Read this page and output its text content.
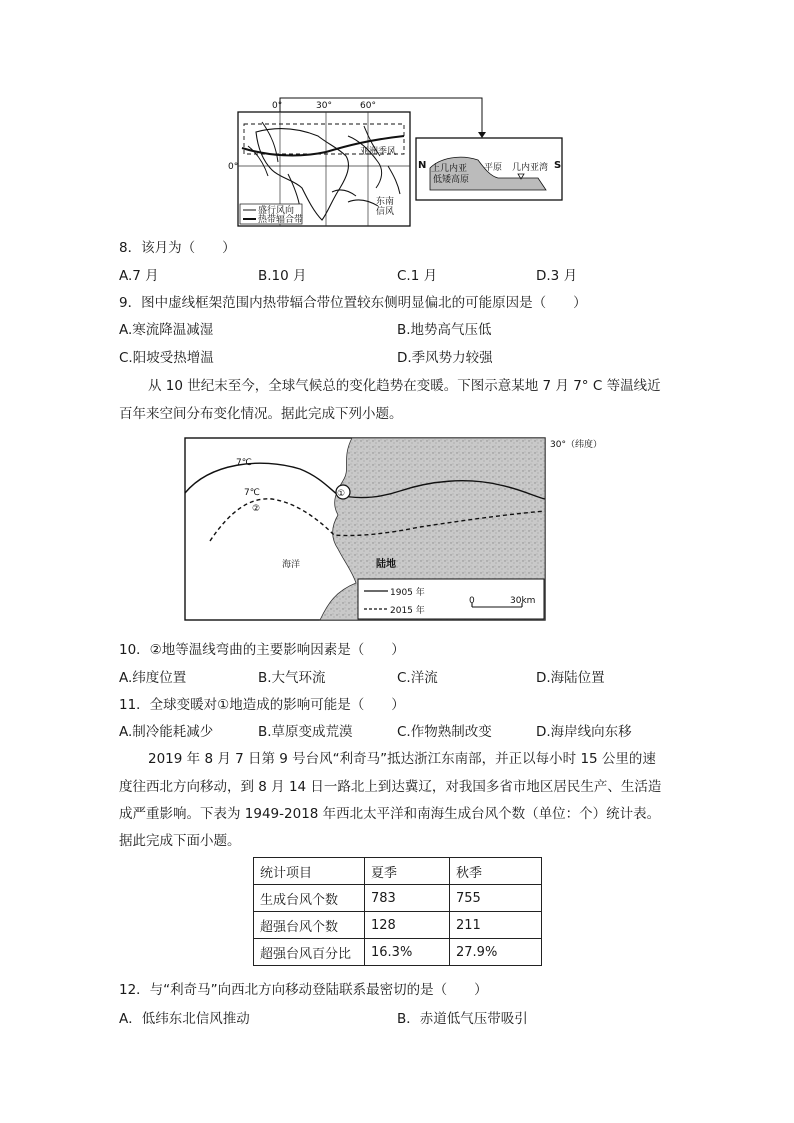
盛行风向
热带辐合带
0°	30°	60°
0°
亚洲季风
东南
信风
N	S
上几内亚
低矮高原
平原 几内亚湾
8．该月为（　　）
A.7 月	B.10 月	C.1 月	D.3 月
9．图中虚线框架范围内热带辐合带位置较东侧明显偏北的可能原因是（　　）
A.寒流降温减湿	B.地势高气压低
C.阳坡受热增温	D.季风势力较强
从 10 世纪末至今，全球气候总的变化趋势在变暖。下图示意某地 7 月 7° C 等温线近
百年来空间分布变化情况。据此完成下列小题。
7℃
7℃	①
②
海洋	陆地
1905 年
2015 年
0	30km
30°（纬度）
10．②地等温线弯曲的主要影响因素是（　　）
A.纬度位置	B.大气环流	C.洋流	D.海陆位置
11．全球变暖对①地造成的影响可能是（　　）
A.制冷能耗减少	B.草原变成荒漠	C.作物熟制改变	D.海岸线向东移
2019 年 8 月 7 日第 9 号台风“利奇马”抵达浙江东南部，并正以每小时 15 公里的速
度往西北方向移动，到 8 月 14 日一路北上到达冀辽，对我国多省市地区居民生产、生活造
成严重影响。下表为 1949-2018 年西北太平洋和南海生成台风个数（单位：个）统计表。
据此完成下面小题。
统计项目	夏季	秋季
生成台风个数	783	755
超强台风个数	128	211
超强台风百分比	16.3%	27.9%
12．与“利奇马”向西北方向移动登陆联系最密切的是（　　）
A．低纬东北信风推动	B．赤道低气压带吸引
